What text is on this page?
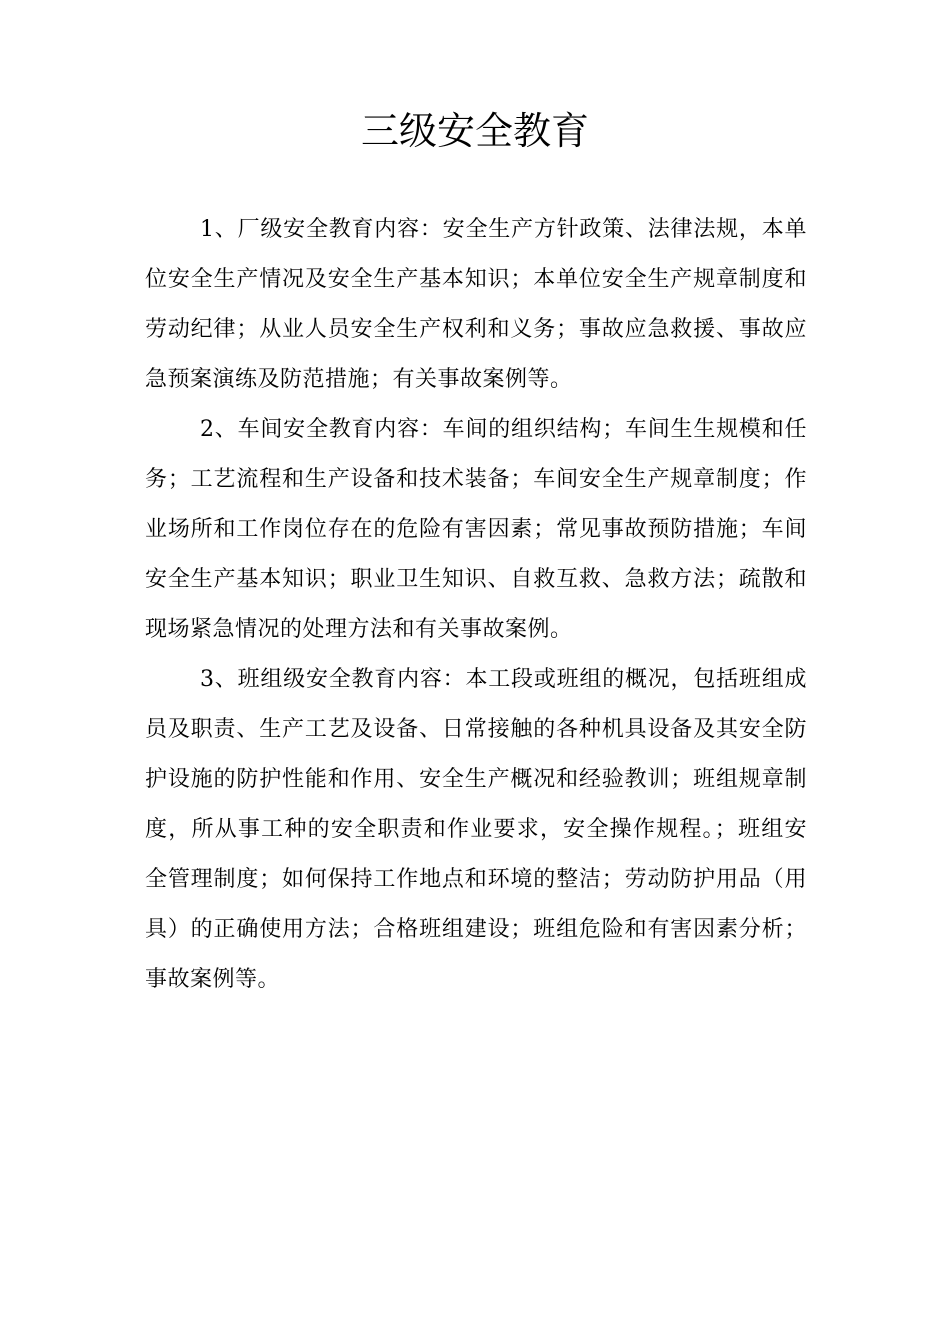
三级安全教育

1、厂级安全教育内容：安全生产方针政策、法律法规，本单位安全生产情况及安全生产基本知识；本单位安全生产规章制度和劳动纪律；从业人员安全生产权利和义务；事故应急救援、事故应急预案演练及防范措施；有关事故案例等。

2、车间安全教育内容：车间的组织结构；车间生生规模和任务；工艺流程和生产设备和技术装备；车间安全生产规章制度；作业场所和工作岗位存在的危险有害因素；常见事故预防措施；车间安全生产基本知识；职业卫生知识、自救互救、急救方法；疏散和现场紧急情况的处理方法和有关事故案例。

3、班组级安全教育内容：本工段或班组的概况，包括班组成员及职责、生产工艺及设备、日常接触的各种机具设备及其安全防护设施的防护性能和作用、安全生产概况和经验教训；班组规章制度，所从事工种的安全职责和作业要求，安全操作规程。；班组安全管理制度；如何保持工作地点和环境的整洁；劳动防护用品（用具）的正确使用方法；合格班组建设；班组危险和有害因素分析；事故案例等。
